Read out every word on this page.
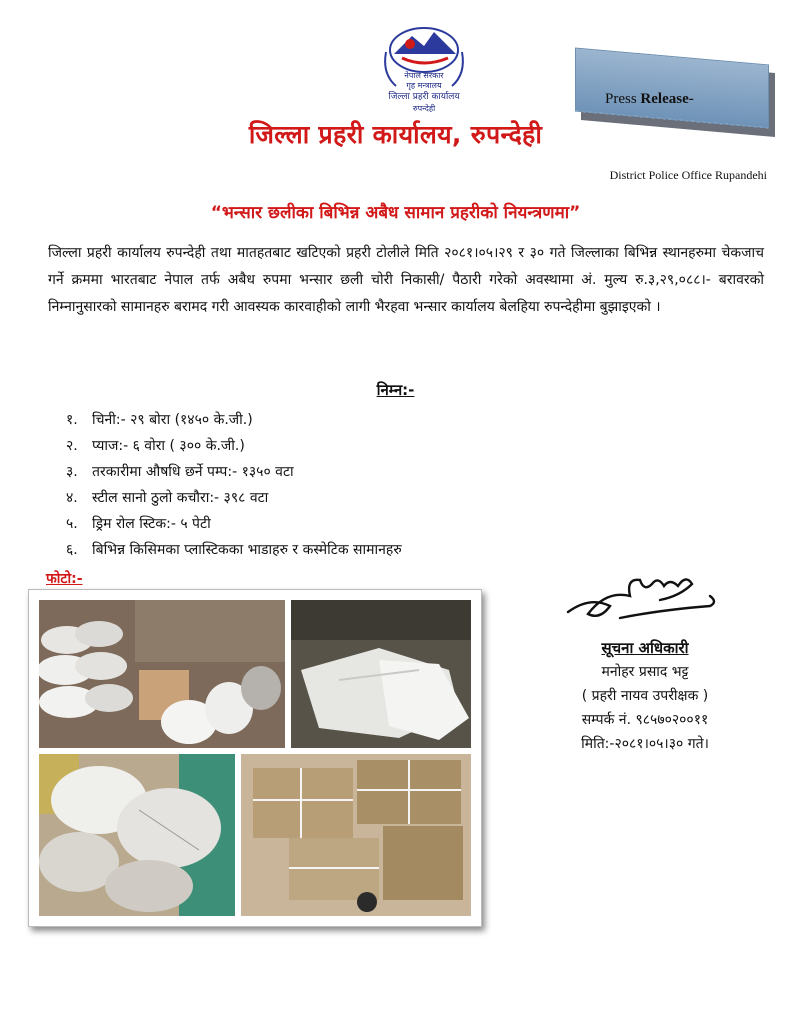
नेपाल सरकार
गृह मन्त्रालय
जिल्ला प्रहरी कार्यालय
रुपन्देही
Press Release-
जिल्ला प्रहरी कार्यालय, रुपन्देही
District Police Office Rupandehi
“भन्सार छलीका बिभिन्न अबैध सामान प्रहरीको नियन्त्रणमा”
जिल्ला प्रहरी कार्यालय रुपन्देही तथा मातहतबाट खटिएको प्रहरी टोलीले मिति २०८१।०५।२९ र ३० गते जिल्लाका बिभिन्न स्थानहरुमा चेकजाच गर्ने क्रममा भारतबाट नेपाल तर्फ अबैध रुपमा भन्सार छली चोरी निकासी/ पैठारी गरेको अवस्थामा अं. मुल्य रु.३,२९,०८८।- बरावरको निम्नानुसारको सामानहरु बरामद गरी आवस्यक कारवाहीको लागी भैरहवा भन्सार कार्यालय बेलहिया रुपन्देहीमा बुझाइएको ।
निम्न:-
१. चिनी:- २९ बोरा (१४५० के.जी.)
२. प्याज:- ६ वोरा ( ३०० के.जी.)
३. तरकारीमा औषधि छर्ने पम्प:- १३५० वटा
४. स्टील सानो ठुलो कचौरा:- ३९८ वटा
५. ड्रिम रोल स्टिक:- ५ पेटी
६. बिभिन्न किसिमका प्लास्टिकका भाडाहरु र कस्मेटिक सामानहरु
फोटो:-
सूचना अधिकारी
मनोहर प्रसाद भट्ट
( प्रहरी नायव उपरीक्षक )
सम्पर्क नं. ९८५७०२००११
मिति:-२०८१।०५।३० गते।
